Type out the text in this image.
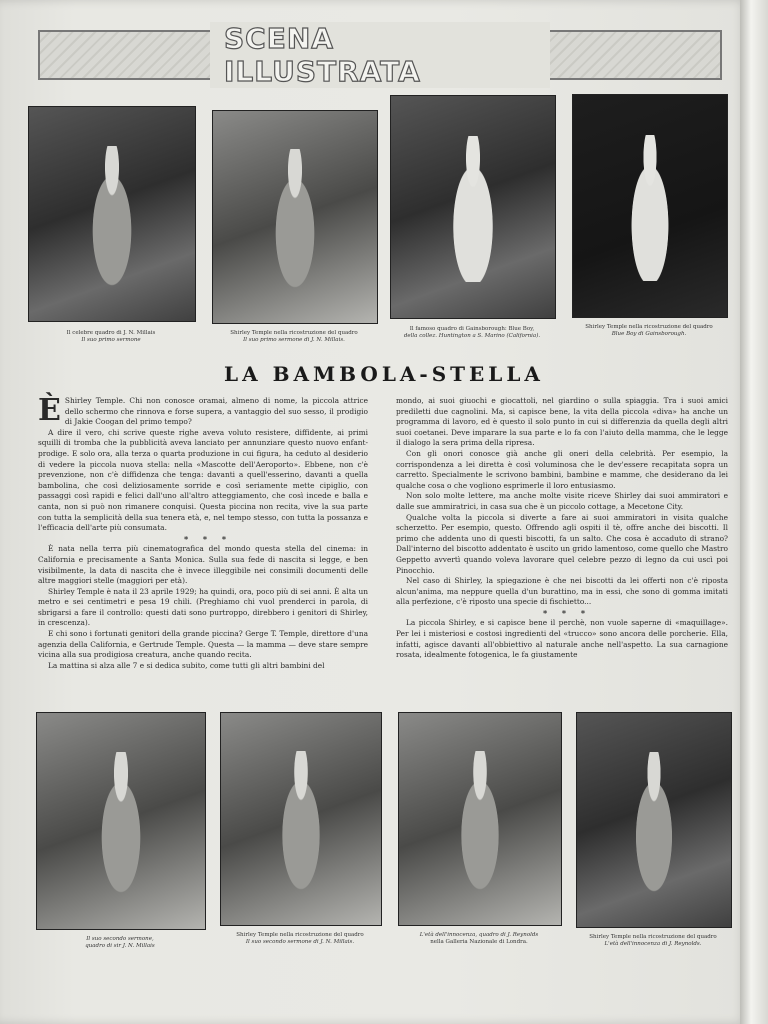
SCENA ILLUSTRATA
Il celebre quadro di J. N. Millais
Il suo primo sermone
Shirley Temple nella ricostruzione del quadro
Il suo primo sermone di J. N. Millais.
Il famoso quadro di Gainsborough: Blue Boy,
della collez. Huntington a S. Marino (California).
Shirley Temple nella ricostruzione del quadro
Blue Boy di Gainsborough.
LA BAMBOLA-STELLA

È Shirley Temple. Chi non conosce oramai, almeno di nome, la piccola attrice dello schermo che rinnova e forse supera, a vantaggio del suo sesso, il prodigio di Jakie Coogan del primo tempo?

A dire il vero, chi scrive queste righe aveva voluto resistere, diffidente, ai primi squilli di tromba che la pubblicità aveva lanciato per annunziare questo nuovo enfant-prodige. E solo ora, alla terza o quarta produzione in cui figura, ha ceduto al desiderio di vedere la piccola nuova stella: nella «Mascotte dell'Aeroporto». Ebbene, non c'è prevenzione, non c'è diffidenza che tenga: davanti a quell'esserino, davanti a quella bambolina, che così deliziosamente sorride e così seriamente mette cipiglio, con passaggi così rapidi e felici dall'uno all'altro atteggiamento, che così incede e balla e canta, non si può non rimanere conquisi. Questa piccina non recita, vive la sua parte con tutta la semplicità della sua tenera età, e, nel tempo stesso, con tutta la possanza e l'efficacia dell'arte più consumata.

* * *

È nata nella terra più cinematografica del mondo questa stella del cinema: in California e precisamente a Santa Monica. Sulla sua fede di nascita si legge, e ben visibilmente, la data di nascita che è invece illeggibile nei consimili documenti delle altre maggiori stelle (maggiori per età).

Shirley Temple è nata il 23 aprile 1929; ha quindi, ora, poco più di sei anni. È alta un metro e sei centimetri e pesa 19 chili. (Preghiamo chi vuol prenderci in parola, di sbrigarsi a fare il controllo: questi dati sono purtroppo, direbbero i genitori di Shirley, in crescenza).

E chi sono i fortunati genitori della grande piccina? Gerge T. Temple, direttore d'una agenzia della California, e Gertrude Temple. Questa — la mamma — deve stare sempre vicina alla sua prodigiosa creatura, anche quando recita.

La mattina si alza alle 7 e si dedica subito, come tutti gli altri bambini del

mondo, ai suoi giuochi e giocattoli, nel giardino o sulla spiaggia. Tra i suoi amici prediletti due cagnolini. Ma, si capisce bene, la vita della piccola «diva» ha anche un programma di lavoro, ed è questo il solo punto in cui si differenzia da quella degli altri suoi coetanei. Deve imparare la sua parte e lo fa con l'aiuto della mamma, che le legge il dialogo la sera prima della ripresa.

Con gli onori conosce già anche gli oneri della celebrità. Per esempio, la corrispondenza a lei diretta è così voluminosa che le dev'essere recapitata sopra un carretto. Specialmente le scrivono bambini, bambine e mamme, che desiderano da lei qualche cosa o che vogliono esprimerle il loro entusiasmo.

Non solo molte lettere, ma anche molte visite riceve Shirley dai suoi ammiratori e dalle sue ammiratrici, in casa sua che è un piccolo cottage, a Mecetone City.

Qualche volta la piccola si diverte a fare ai suoi ammiratori in visita qualche scherzetto. Per esempio, questo. Offrendo agli ospiti il tè, offre anche dei biscotti. Il primo che addenta uno di questi biscotti, fa un salto. Che cosa è accaduto di strano? Dall'interno del biscotto addentato è uscito un grido lamentoso, come quello che Mastro Geppetto avvertì quando voleva lavorare quel celebre pezzo di legno da cui uscì poi Pinocchio.

Nel caso di Shirley, la spiegazione è che nei biscotti da lei offerti non c'è riposta alcun'anima, ma neppure quella d'un burattino, ma in essi, che sono di gomma imitati alla perfezione, c'è riposto una specie di fischietto...

* * *

La piccola Shirley, e si capisce bene il perchè, non vuole saperne di «maquillage». Per lei i misteriosi e costosi ingredienti del «trucco» sono ancora delle porcherie. Ella, infatti, agisce davanti all'obbiettivo al naturale anche nell'aspetto. La sua carnagione rosata, idealmente fotogenica, le fa giustamente

Il suo secondo sermone,
quadro di sir J. N. Millais
Shirley Temple nella ricostruzione del quadro
Il suo secondo sermone di J. N. Millais.
L'età dell'innocenza, quadro di J. Reynolds
nella Galleria Nazionale di Londra.
Shirley Temple nella ricostruzione del quadro
L'età dell'innocenza di J. Reynolds.
